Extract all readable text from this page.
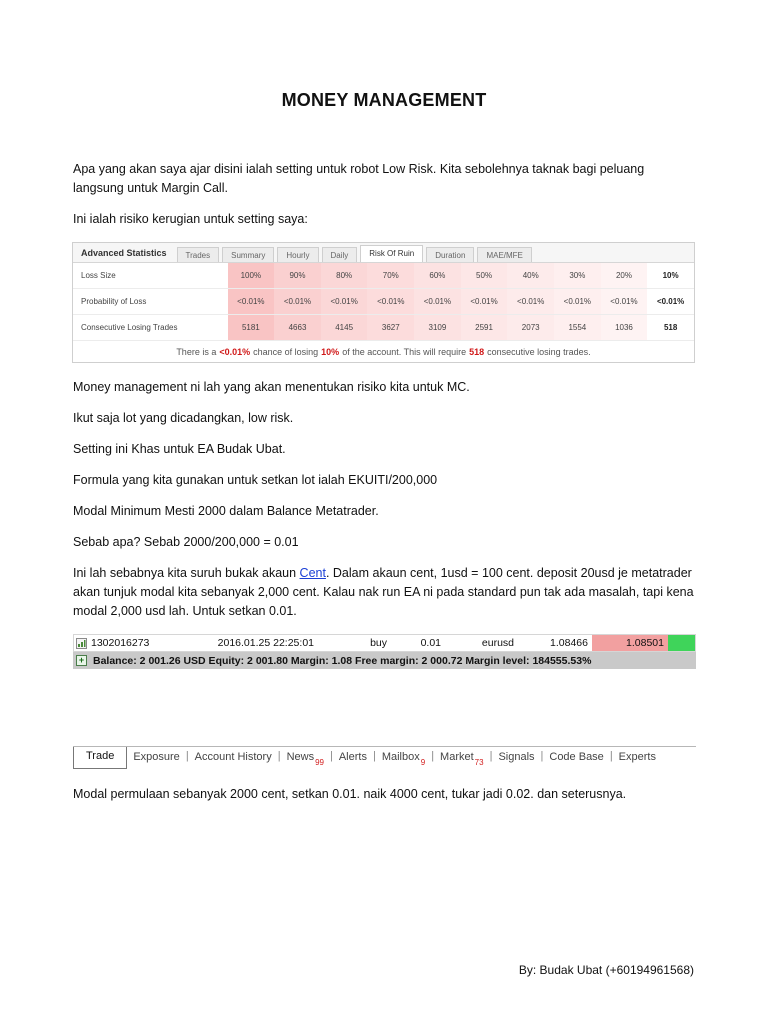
MONEY MANAGEMENT

Apa yang akan saya ajar disini ialah setting untuk robot Low Risk. Kita sebolehnya taknak bagi peluang langsung untuk Margin Call.

Ini ialah risiko kerugian untuk setting saya:

Advanced Statistics	Trades	Summary	Hourly	Daily	Risk Of Ruin	Duration	MAE/MFE
Loss Size	100%	90%	80%	70%	60%	50%	40%	30%	20%	10%
Probability of Loss	<0.01%	<0.01%	<0.01%	<0.01%	<0.01%	<0.01%	<0.01%	<0.01%	<0.01%	<0.01%
Consecutive Losing Trades	5181	4663	4145	3627	3109	2591	2073	1554	1036	518
There is a <0.01% chance of losing 10% of the account. This will require 518 consecutive losing trades.

Money management ni lah yang akan menentukan risiko kita untuk MC.

Ikut saja lot yang dicadangkan, low risk.

Setting ini Khas untuk EA Budak Ubat.

Formula yang kita gunakan untuk setkan lot ialah EKUITI/200,000

Modal Minimum Mesti 2000 dalam Balance Metatrader.

Sebab apa? Sebab 2000/200,000 = 0.01

Ini lah sebabnya kita suruh bukak akaun Cent. Dalam akaun cent, 1usd = 100 cent. deposit 20usd je metatrader akan tunjuk modal kita sebanyak 2,000 cent. Kalau nak run EA ni pada standard pun tak ada masalah, tapi kena modal 2,000 usd lah. Untuk setkan 0.01.

1302016273	2016.01.25 22:25:01	buy	0.01	eurusd	1.08466	1.08501
+ Balance: 2 001.26 USD Equity: 2 001.80 Margin: 1.08 Free margin: 2 000.72 Margin level: 184555.53%
Trade Exposure | Account History | News 99
| Alerts | Mailbox 9
| Market 73
| Signals | Code Base | Experts

Modal permulaan sebanyak 2000 cent, setkan 0.01. naik 4000 cent, tukar jadi 0.02. dan seterusnya.

By: Budak Ubat (+60194961568)
